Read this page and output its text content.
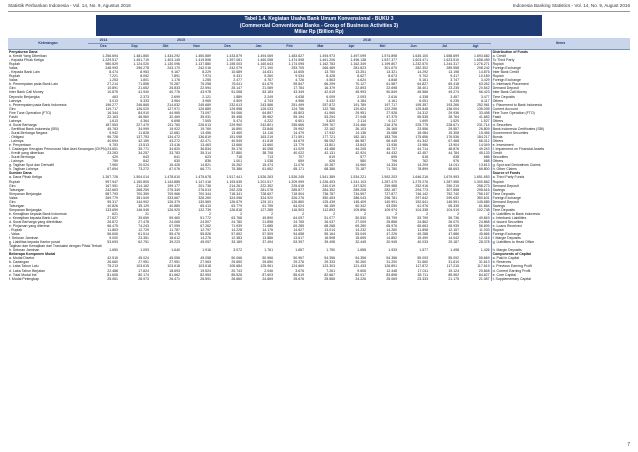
Statistik Perbankan Indonesia - Vol. 14, No. 9, Agustus 2016	Indonesia Banking Statistics - Vol. 14, No. 9, August 2016
Tabel 1.4. Kegiatan Usaha Bank Umum Konvensional - BUKU 3
(Commercial Conventional Banks - Group of Business Activities 3)
Miliar Rp (Billion Rp)
Keterangan	2014	2015				2016								Items
	Des	Sep	Okt	Nov	Des	Jan	Feb	Mar	Apr	Mei	Jun	Jul	Agt	
Penyaluran Dana														Distribution of Funds
a. Kredit Yang Diberikan	1.256.694	1.481.860	1.434.292	1.450.889	1.433.879	1.494.069	1.483.627	1.494.973	1.497.099	1.574.898	1.645.100	1.658.699	1.693.682	a. Credit
- Kepada Pihak Ketiga	1.229.517	1.451.719	1.403.145	1.419.896	1.397.081	1.460.058	1.474.598	1.461.206	1.496.138	1.537.377	1.603.471	1.623.510	1.658.459	To Third Party
Rupiah	980.529	1.124.020	1.130.096	1.137.880	1.155.003	1.160.643	1.174.095	1.162.783	1.162.349	1.199.807	1.232.570	1.244.317	1.276.271	Rupiah
Valas	248.993	296.278	243.170	242.016	242.079	271.190	253.705	266.489	281.823	301.670	282.302	289.558	298.242	Foreign Exchange
- Kepada Bank Lain	8.474	8.953	9.167	8.229	10.689	14.631	14.605	13.750	13.251	13.321	14.292	13.198	14.876	Inter Bank Credit
Rupiah	7.221	8.052	7.891	7.974	9.431	9.260	9.034	8.428	8.627	8.673	9.702	9.417	10.189	Rupiah
Valas	1.253	1.801	1.176	1.255	2.477	4.767	4.726	4.563	4.624	4.848	5.161	3.747	3.429	Foreign Exchange
b. Penempatan pada Bank Lain	27.214	71.858	70.287	75.258	76.611	61.679	59.847	66.299	70.127	61.587	64.827	69.418	63.262	b. Interbank Placement
Giro	10.891	21.652	26.833	22.594	25.147	21.089	17.784	16.379	22.893	22.698	28.401	23.235	20.542	Demand Deposit
Inter Bank Call Money	10.875	41.940	40.776	43.978	51.058	53.183	43.349	42.619	45.993	50.849	45.566	49.274	56.423	Inter Bank Call Money
Deposito Berjangka	463	2.373	2.699	2.121	1.889	2.249	4.638	6.009	2.093	2.616	4.338	3.457	3.477	Time Deposits
Lainnya	3.013	5.333	3.964	3.965	4.509	4.743	4.966	3.432	4.184	4.161	6.051	6.235	6.117	Others
c. Penempatan pada Bank Indonesia	196.277	246.865	214.632	245.689	232.613	243.586	251.499	257.872	191.789	197.717	195.357	193.266	252.961	c. Placement to Bank Indonesia
Giro	119.717	126.020	127.971	126.889	129.558	125.033	124.756	122.786	120.624	122.296	125.848	136.004	135.005	Current Account
Fine Tune Operation (FTO)	16.344	84.910	44.965	73.097	54.066	64.897	45.803	41.960	29.951	27.928	24.312	29.936	33.498	Fine Tune Operation (FTO)
Fasbi	22.163	46.560	32.469	35.931	39.458	39.962	59.194	53.294	27.048	47.375	55.535	28.764	41.682	Fasbi
Lainnya	1.613	4.364	6.698	7.505	5.474	4.222	6.601	3.820	2.114	6.117	1.690	1.520	1.527	Others
d. Surat Berharga	187.553	227.479	211.760	226.613	229.960	242.801	255.666	299.767	214.466	216.376	225.775	228.671	231.714	d. Securities
- Sertifikat Bank Indonesia (SBI)	45.763	34.999	19.922	19.769	16.890	23.848	29.992	22.162	26.103	26.165	23.556	29.557	26.809	Bank Indonesia Certificates (SBI)
- Surat Berharga Negara	9.942	11.828	12.681	13.456	13.469	14.116	14.479	17.932	14.136	15.088	18.084	15.308	15.456	Government Securities
- Obligasi	96.728	137.753	134.472	136.819	151.098	163.219	171.591	177.721	182.181	183.706	175.656	176.536	184.217	Bonds
- Lainnya	40.694	42.159	43.272	42.471	40.549	41.618	44.679	56.052	66.987	66.445	61.342	67.468	66.312	Others
e. Penyertaan	9.753	13.513	13.416	13.463	13.666	13.660	13.779	13.801	13.843	13.936	13.986	13.904	14.049	e. Investment
f. Cadangan Kerugian Penurunan Nilai Aset Keuangan (CKPN)	24.651	35.771	34.820	36.834	39.176	40.058	41.029	43.488	44.205	45.737	44.714	48.876	49.243	f. Impairment on Financial Assets
- Kredit yang diberikan	23.263	34.257	33.783	35.314	37.880	38.708	40.022	42.131	42.924	44.432	42.457	44.784	45.133	Credit
- Surat Berharga	429	643	641	623	718	713	707	619	577	695	618	638	666	Securities
- Lainnya	759	842	630	836	1.001	1.038	659	626	580	796	762	976	668	Others
g. Tagihan Spot dan Derivatif	7.960	20.024	16.426	14.821	15.262	15.474	11.076	10.287	14.960	14.334	14.209	14.011	13.613	g. Spot and Derivatives Claims
h. Tagihan Lainnya	67.694	73.272	67.076	66.771	75.386	61.652	65.171	68.386	70.187	71.780	78.899	68.693	66.800	h. Other Claims
Sumber Dana														Source of Funds
a. Dana Pihak Ketiga	1.267.726	1.504.014	1.478.610	1.475.678	1.517.441	1.526.263	1.526.245	1.541.389	1.534.221	1.592.203	1.646.216	1.679.993	1.651.653	a. Third Party Funds
Rupiah	997.947	1.150.805	1.144.885	1.147.416	1.193.635	1.201.517	1.209.999	1.226.493	1.241.103	1.287.470	1.279.276	1.287.955	1.300.862	Rupiah
Giro	167.951	214.162	199.177	201.736	214.261	222.352	225.618	240.019	247.520	259.988	252.916	250.219	258.273	Demand Deposit
Tabungan	242.663	268.259	275.349	276.613	292.228	281.078	285.877	284.352	289.208	282.187	294.773	307.558	298.616	Savings
Simpanan Berjangka	587.793	700.359	709.966	700.344	718.341	728.607	718.504	736.787	734.597	727.877	746.142	752.740	756.167	Time Deposits
Valas	269.779	351.549	333.667	328.269	324.056	324.920	326.276	350.453	286.043	296.781	297.642	299.632	350.601	Foreign Exchange
Giro	95.317	144.902	126.379	130.569	126.679	129.101	126.860	125.439	145.409	140.991	152.641	146.591	145.689	Demand Deposit
Tabungan	40.826	35.129	40.880	65.413	63.779	61.755	64.024	66.159	60.342	63.050	61.976	65.335	61.664	Savings
Simpanan Berjangka	133.659	146.945	126.920	132.739	126.818	127.285	116.503	112.893	109.896	109.974	104.338	104.919	102.748	Time Deposits
b. Kewajiban kepada Bank Indonesia	621	21	2	2	2	2	2	2	2	2	2	2	2	b. Liabilities to Bank Indonesia
c. Kewajiban kepada Bank Lain	27.827	39.659	59.460	51.772	63.768	49.890	64.097	51.077	50.530	53.799	53.799	55.736	49.849	c. Interbank Liabilities
d. Surat Berharga yang diterbitkan	26.872	27.478	24.065	24.507	24.780	21.898	24.765	26.037	27.009	25.858	24.862	26.070	24.868	d. Issued Securities
e. Pinjaman yang diterima	66.475	74.243	67.059	67.262	71.939	71.685	69.285	68.268	69.280	65.976	65.663	65.939	56.699	e. Loans Received
- Rupiah	11.863	12.729	11.787	12.797	14.228	14.176	14.627	13.014	14.232	14.260	11.898	12.157	11.033	Rupiah
- Valas	56.606	61.514	55.476	55.826	57.652	57.509	54.658	55.164	53.049	47.226	49.288	47.686	45.666	Foreign Exchange
f. Setoran Jaminan	9.000	23.351	18.612	14.276	12.383	13.886	13.617	16.598	15.695	14.852	15.490	14.042	12.416	f. Margin Deposits
g. Liabilitas kepada Kantor pusat	53.693	62.751	39.223	45.057	33.189	37.494	53.397	39.498	32.445	20.945	40.033	29.187	28.378	g. Liabilities to Head Office
Tagihan dan Kewajiban dari Transaksi dengan Pihak Terkait														
h. Setoran Jaminan	1.650	1.093	1.640	1.916	3.072	1.761	1.657	1.750	1.658	1.933	1.577	1.498	1.426	h. Margin Deposits
Beberapa Komponen Modal														Components of Capital
a. Modal Disetor	42.516	45.024	45.056	45.058	50.066	50.966	50.967	54.356	54.356	54.356	55.093	55.092	55.669	a. Paid in Capital
b. Cadangan	26.660	27.951	27.951	27.963	29.650	29.650	29.276	29.333	30.260	31.200	31.560	31.610	31.613	b. Reserves
c. Laba Tahun Lalu	75.213	103.615	103.618	103.618	105.684	125.961	124.669	123.303	121.433	126.891	117.872	117.215	117.619	c. Previous Earning Profit
d. Laba Tahun Berjalan	22.488	17.824	18.693	19.524	20.743	2.046	3.676	7.261	9.606	12.448	17.011	19.124	20.848	d. Current Earning Profit
e. Total Modal Inti	81.606	80.174	81.662	82.553	85.526	87.603	85.619	82.667	82.917	83.898	83.711	85.962	84.627	e. Core Capital
f. Modal Pelengkap	25.061	26.973	26.471	26.591	26.660	24.669	25.676	25.565	24.226	25.069	23.333	21.175	21.087	f. Supplementary Capital
7
